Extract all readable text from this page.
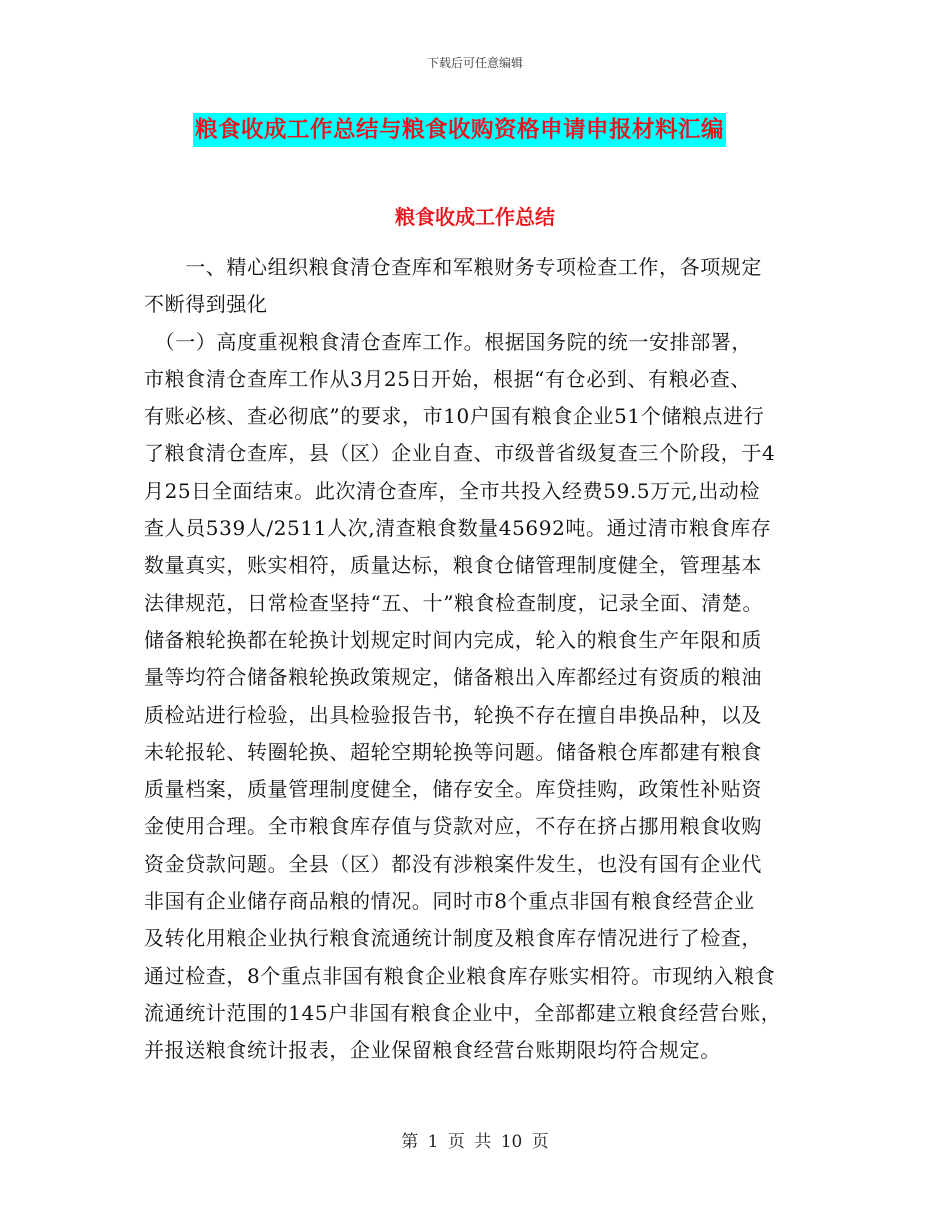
下载后可任意编辑
粮食收成工作总结与粮食收购资格申请申报材料汇编
粮食收成工作总结
　　一、精心组织粮食清仓查库和军粮财务专项检查工作，各项规定
不断得到强化
　（一）高度重视粮食清仓查库工作。根据国务院的统一安排部署，
市粮食清仓查库工作从3月25日开始，根据“有仓必到、有粮必查、
有账必核、查必彻底”的要求，市10户国有粮食企业51个储粮点进行
了粮食清仓查库，县（区）企业自查、市级普省级复查三个阶段，于4
月25日全面结束。此次清仓查库，全市共投入经费59.5万元,出动检
查人员539人/2511人次,清查粮食数量45692吨。通过清市粮食库存
数量真实，账实相符，质量达标，粮食仓储管理制度健全，管理基本
法律规范，日常检查坚持“五、十”粮食检查制度，记录全面、清楚。
储备粮轮换都在轮换计划规定时间内完成，轮入的粮食生产年限和质
量等均符合储备粮轮换政策规定，储备粮出入库都经过有资质的粮油
质检站进行检验，出具检验报告书，轮换不存在擅自串换品种，以及
未轮报轮、转圈轮换、超轮空期轮换等问题。储备粮仓库都建有粮食
质量档案，质量管理制度健全，储存安全。库贷挂购，政策性补贴资
金使用合理。全市粮食库存值与贷款对应，不存在挤占挪用粮食收购
资金贷款问题。全县（区）都没有涉粮案件发生，也没有国有企业代
非国有企业储存商品粮的情况。同时市8个重点非国有粮食经营企业
及转化用粮企业执行粮食流通统计制度及粮食库存情况进行了检查，
通过检查，8个重点非国有粮食企业粮食库存账实相符。市现纳入粮食
流通统计范围的145户非国有粮食企业中，全部都建立粮食经营台账，
并报送粮食统计报表，企业保留粮食经营台账期限均符合规定。
第 1 页 共 10 页
